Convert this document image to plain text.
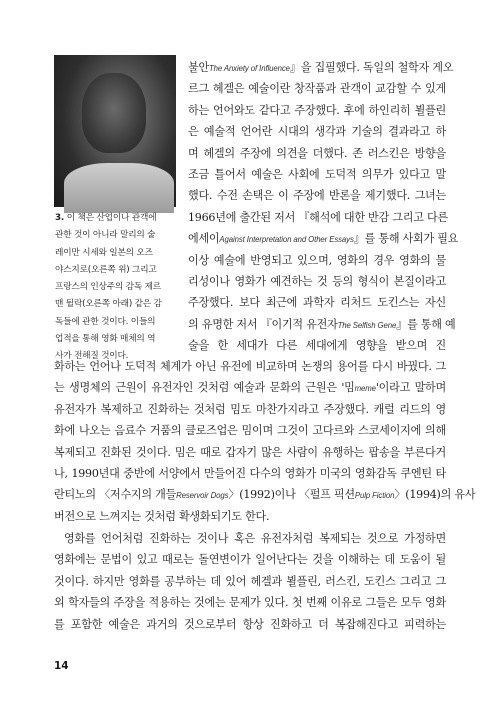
3. 이 책은 산업이나 관객에
관한 것이 아니라 말리의 술
레이만 시세와 일본의 오즈
야스지로(오른쪽 위) 그리고
프랑스의 인상주의 감독 제르
맨 뒬락(오른쪽 아래) 같은 감
독들에 관한 것이다. 이들의
업적을 통해 영화 매체의 역
사가 전해질 것이다.
불안The Anxiety of Influence』을 집필했다. 독일의 철학자 게오
르그 헤겔은 예술이란 창작품과 관객이 교감할 수 있게
하는 언어와도 같다고 주장했다. 후에 하인리히 뵐플린
은 예술적 언어란 시대의 생각과 기술의 결과라고 하
며 헤겔의 주장에 의견을 더했다. 존 러스킨은 방향을
조금 틀어서 예술은 사회에 도덕적 의무가 있다고 말
했다. 수전 손택은 이 주장에 반론을 제기했다. 그녀는
1966년에 출간된 저서 『해석에 대한 반감 그리고 다른
에세이Against Interpretation and Other Essays』를 통해 사회가 필요
이상 예술에 반영되고 있으며, 영화의 경우 영화의 물
리성이나 영화가 예견하는 것 등의 형식이 본질이라고
주장했다. 보다 최근에 과학자 리처드 도킨스는 자신
의 유명한 저서 『이기적 유전자The Selfish Gene』를 통해 예
술을 한 세대가 다른 세대에게 영향을 받으며 진
화하는 언어나 도덕적 체계가 아닌 유전에 비교하며 논쟁의 용어를 다시 바꿨다. 그
는 생명체의 근원이 유전자인 것처럼 예술과 문화의 근원은 '밈meme'이라고 말하며
유전자가 복제하고 진화하는 것처럼 밈도 마찬가지라고 주장했다. 캐럴 리드의 영
화에 나오는 음료수 거품의 클로즈업은 밈이며 그것이 고다르와 스코세이지에 의해
복제되고 진화된 것이다. 밈은 때로 갑자기 많은 사람이 유행하는 팝송을 부른다거
나, 1990년대 중반에 서양에서 만들어진 다수의 영화가 미국의 영화감독 쿠엔틴 타
란티노의 〈저수지의 개들Reservoir Dogs〉(1992)이나 〈펄프 픽션Pulp Fiction〉(1994)의 유사
버전으로 느껴지는 것처럼 확생화되기도 한다.
영화를 언어처럼 진화하는 것이나 혹은 유전자처럼 복제되는 것으로 가정하면
영화에는 문법이 있고 때로는 돌연변이가 일어난다는 것을 이해하는 데 도움이 될
것이다. 하지만 영화를 공부하는 데 있어 헤겔과 뵐플린, 러스킨, 도킨스 그리고 그
외 학자들의 주장을 적용하는 것에는 문제가 있다. 첫 번째 이유로 그들은 모두 영화
를 포함한 예술은 과거의 것으로부터 항상 진화하고 더 복잡해진다고 피력하는
14
